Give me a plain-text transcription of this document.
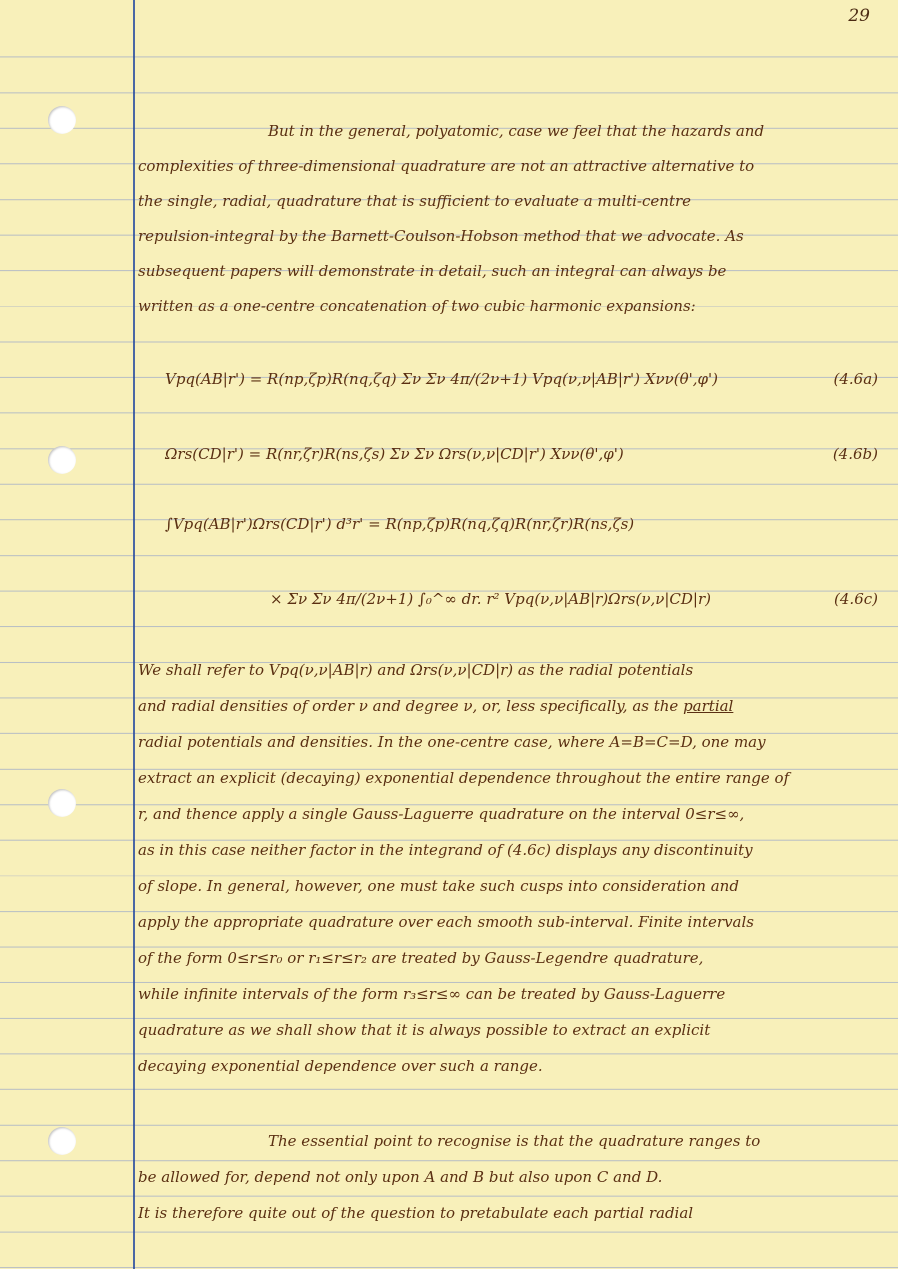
29
But in the general, polyatomic, case we feel that the hazards and
complexities of three-dimensional quadrature are not an attractive alternative to
the single, radial, quadrature that is sufficient to evaluate a multi-centre
repulsion-integral by the Barnett-Coulson-Hobson method that we advocate. As
subsequent papers will demonstrate in detail, such an integral can always be
written as a one-centre concatenation of two cubic harmonic expansions:
Vpq(AB|r') = R(np,ζp)R(nq,ζq) Σν Σν 4π/(2ν+1) Vpq(ν,ν|AB|r') Xνν(θ',φ')	(4.6a)
Ωrs(CD|r') = R(nr,ζr)R(ns,ζs) Σν Σν Ωrs(ν,ν|CD|r') Xνν(θ',φ')	(4.6b)
∫Vpq(AB|r')Ωrs(CD|r') d³r' = R(np,ζp)R(nq,ζq)R(nr,ζr)R(ns,ζs)
× Σν Σν 4π/(2ν+1) ∫₀^∞ dr. r² Vpq(ν,ν|AB|r)Ωrs(ν,ν|CD|r)	(4.6c)
We shall refer to Vpq(ν,ν|AB|r) and Ωrs(ν,ν|CD|r) as the radial potentials
and radial densities of order ν and degree ν, or, less specifically, as the partial
radial potentials and densities. In the one-centre case, where A=B=C=D, one may
extract an explicit (decaying) exponential dependence throughout the entire range of
r, and thence apply a single Gauss-Laguerre quadrature on the interval 0≤r≤∞,
as in this case neither factor in the integrand of (4.6c) displays any discontinuity
of slope. In general, however, one must take such cusps into consideration and
apply the appropriate quadrature over each smooth sub-interval. Finite intervals
of the form 0≤r≤r₀ or r₁≤r≤r₂ are treated by Gauss-Legendre quadrature,
while infinite intervals of the form r₃≤r≤∞ can be treated by Gauss-Laguerre
quadrature as we shall show that it is always possible to extract an explicit
decaying exponential dependence over such a range.
The essential point to recognise is that the quadrature ranges to
be allowed for, depend not only upon A and B but also upon C and D.
It is therefore quite out of the question to pretabulate each partial radial
